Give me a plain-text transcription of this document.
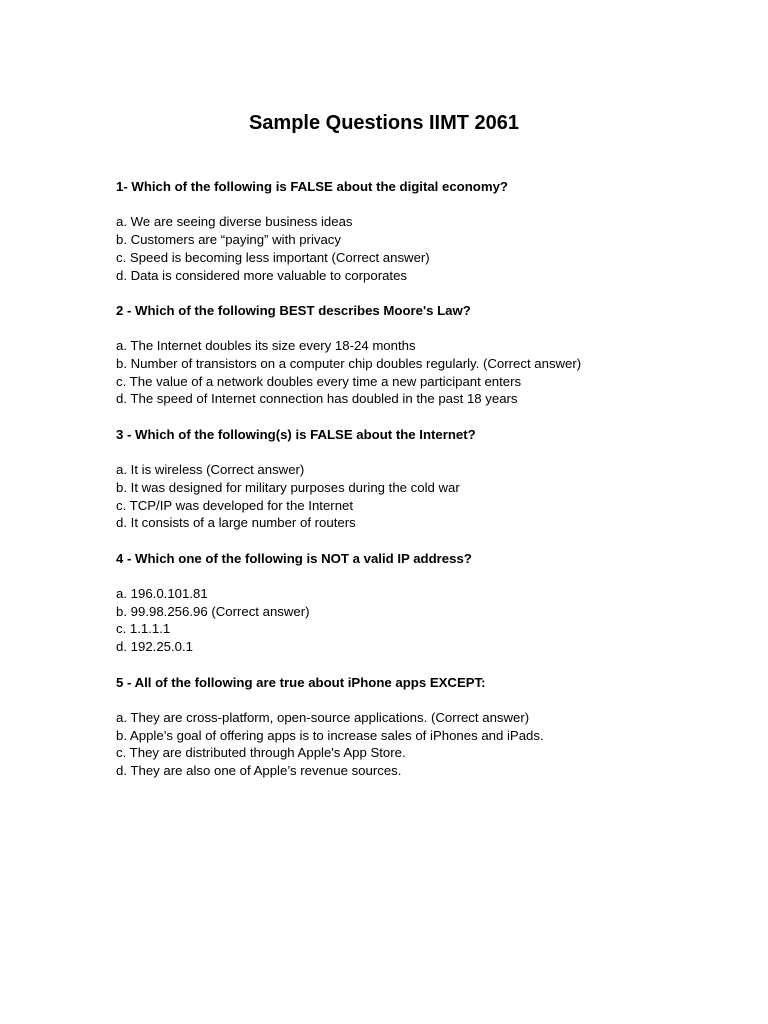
Sample Questions IIMT 2061
1- Which of the following is FALSE about the digital economy?
a. We are seeing diverse business ideas
b. Customers are “paying” with privacy
c. Speed is becoming less important (Correct answer)
d. Data is considered more valuable to corporates
2 - Which of the following BEST describes Moore's Law?
a. The Internet doubles its size every 18-24 months
b. Number of transistors on a computer chip doubles regularly. (Correct answer)
c. The value of a network doubles every time a new participant enters
d. The speed of Internet connection has doubled in the past 18 years
3 - Which of the following(s) is FALSE about the Internet?
a. It is wireless (Correct answer)
b. It was designed for military purposes during the cold war
c. TCP/IP was developed for the Internet
d. It consists of a large number of routers
4 - Which one of the following is NOT a valid IP address?
a. 196.0.101.81
b. 99.98.256.96 (Correct answer)
c. 1.1.1.1
d. 192.25.0.1
5 - All of the following are true about iPhone apps EXCEPT:
a. They are cross-platform, open-source applications. (Correct answer)
b. Apple’s goal of offering apps is to increase sales of iPhones and iPads.
c. They are distributed through Apple's App Store.
d. They are also one of Apple’s revenue sources.
